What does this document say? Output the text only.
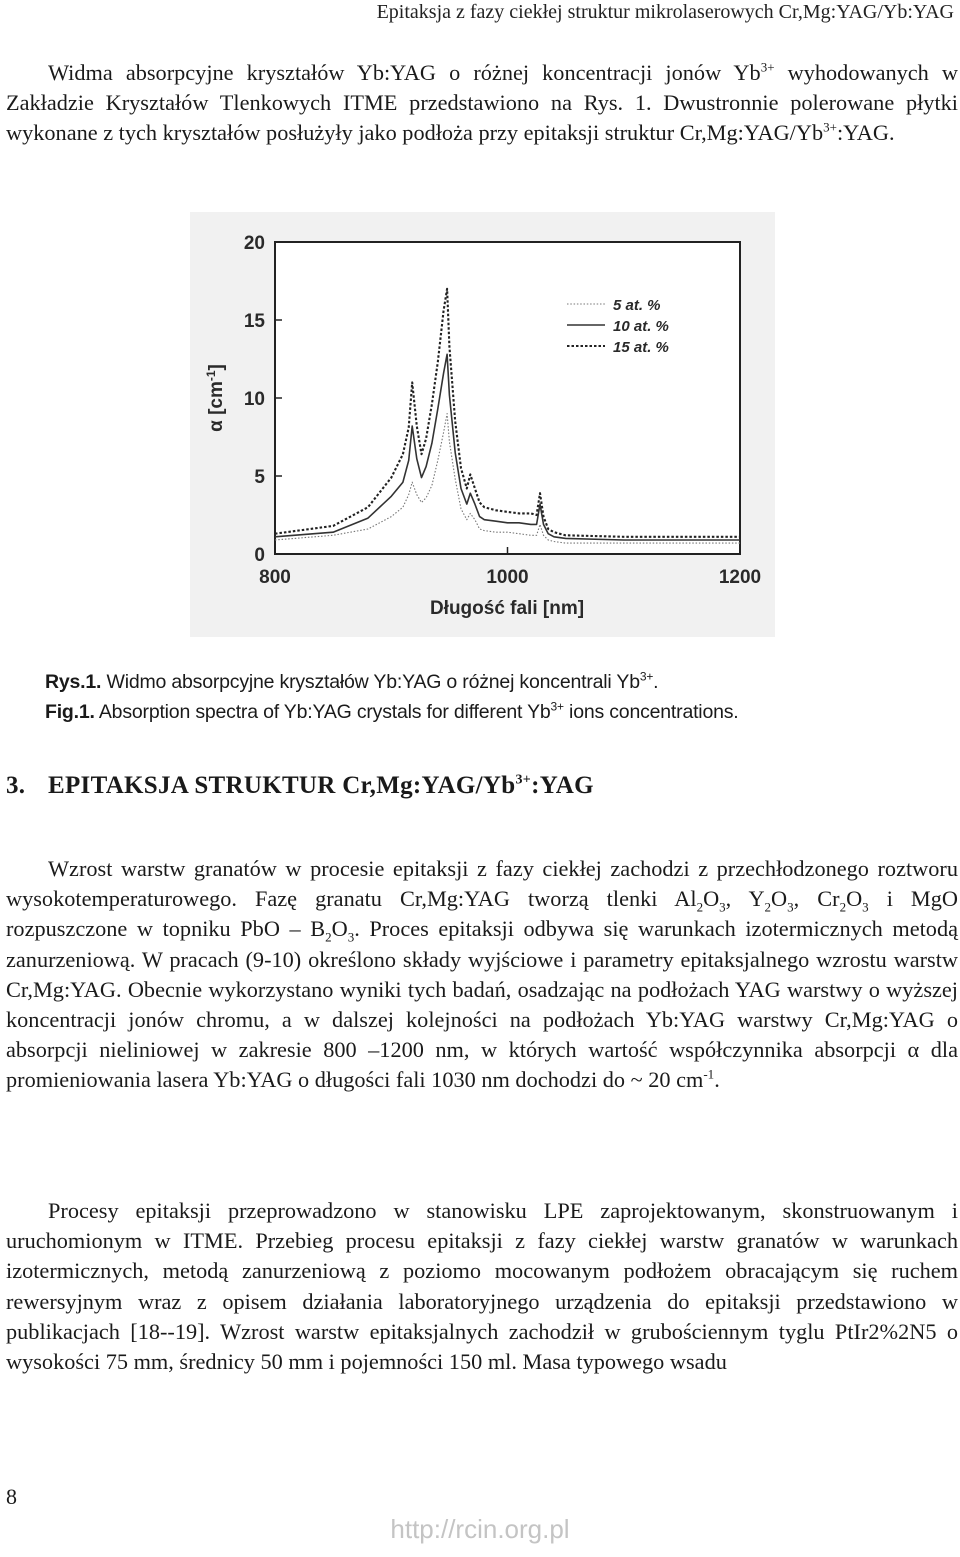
Epitaksja z fazy ciekłej struktur mikrolaserowych Cr,Mg:YAG/Yb:YAG

Widma absorpcyjne kryształów Yb:YAG o różnej koncentracji jonów $Yb^{3+}$ wyhodowanych w Zakładzie Kryształów Tlenkowych ITME przedstawiono na Rys. 1. Dwustronnie polerowane płytki wykonane z tych kryształów posłużyły jako podłoża przy epitaksji struktur $Cr,Mg:YAG/Yb^{3+}:YAG$.

0
5
10
15
20
800	1000	1200
5 at. %
10 at. %
15 at. %
Długość fali [nm]
α $[cm^{-1}]$
Rys.1. Widmo absorpcyjne kryształów Yb:YAG o różnej koncentrali $Yb^{3+}$.
Fig.1. Absorption spectra of Yb:YAG crystals for different $Yb^{3+}$ ions concentrations.
3. EPITAKSJA STRUKTUR $Cr,Mg:YAG/Yb^{3+}:YAG$

Wzrost warstw granatów w procesie epitaksji z fazy ciekłej zachodzi z przechłodzonego roztworu wysokotemperaturowego. Fazę granatu Cr,Mg:YAG tworzą tlenki $Al_2O_3$, $Y_2O_3$, $Cr_2O_3$ i MgO rozpuszczone w topniku PbO – $B_2O_3$. Proces epitaksji odbywa się warunkach izotermicznych metodą zanurzeniową. W pracach (9-10) określono składy wyjściowe i parametry epitaksjalnego wzrostu warstw Cr,Mg:YAG. Obecnie wykorzystano wyniki tych badań, osadzając na podłożach YAG warstwy o wyższej koncentracji jonów chromu, a w dalszej kolejności na podłożach Yb:YAG warstwy Cr,Mg:YAG o absorpcji nieliniowej w zakresie 800 –1200 nm, w których wartość współczynnika absorpcji α dla promieniowania lasera Yb:YAG o długości fali 1030 nm dochodzi do ~ 20 $cm^{-1}$.

Procesy epitaksji przeprowadzono w stanowisku LPE zaprojektowanym, skonstruowanym i uruchomionym w ITME. Przebieg procesu epitaksji z fazy ciekłej warstw granatów w warunkach izotermicznych, metodą zanurzeniową z poziomo mocowanym podłożem obracającym się ruchem rewersyjnym wraz z opisem działania laboratoryjnego urządzenia do epitaksji przedstawiono w publikacjach [18--19]. Wzrost warstw epitaksjalnych zachodził w grubościennym tyglu PtIr2%2N5 o wysokości 75 mm, średnicy 50 mm i pojemności 150 ml. Masa typowego wsadu

8
http://rcin.org.pl
